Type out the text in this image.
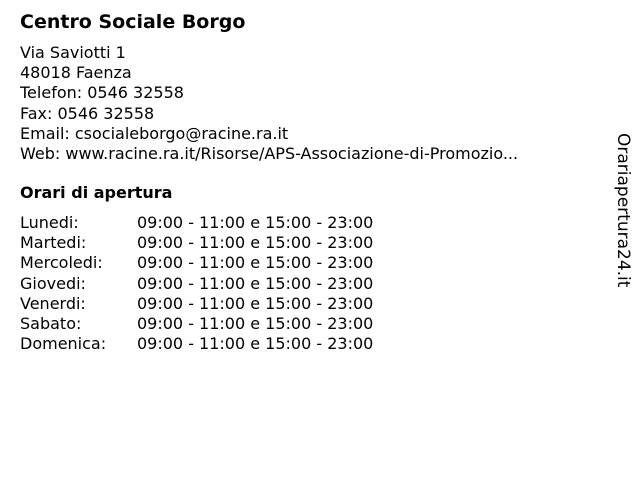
Centro Sociale Borgo
Via Saviotti 1
48018 Faenza
Telefon: 0546 32558
Fax: 0546 32558
Email: csocialeborgo@racine.ra.it
Web: www.racine.ra.it/Risorse/APS-Associazione-di-Promozio...
Orari di apertura
Lunedi:	09:00 - 11:00 e 15:00 - 23:00
Martedi:	09:00 - 11:00 e 15:00 - 23:00
Mercoledi:	09:00 - 11:00 e 15:00 - 23:00
Giovedi:	09:00 - 11:00 e 15:00 - 23:00
Venerdi:	09:00 - 11:00 e 15:00 - 23:00
Sabato:	09:00 - 11:00 e 15:00 - 23:00
Domenica:	09:00 - 11:00 e 15:00 - 23:00
Orariapertura24.it
